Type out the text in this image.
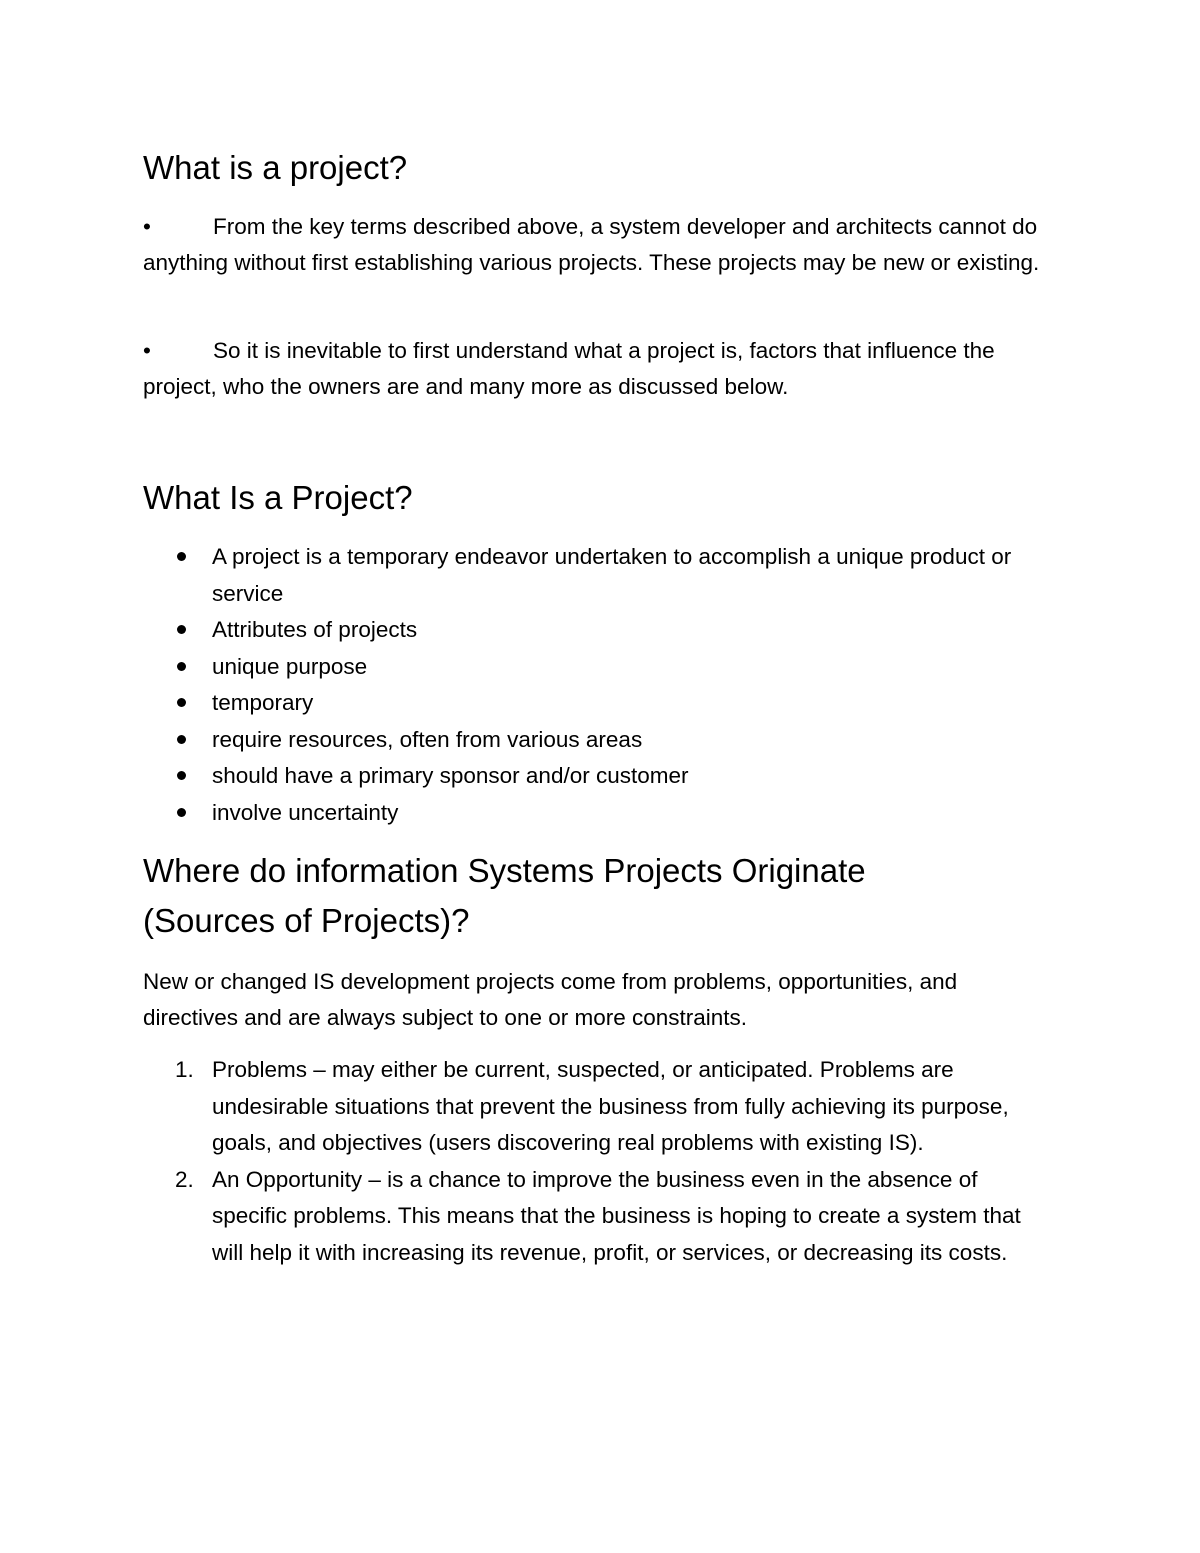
What is a project?

•	From the key terms described above, a system developer and architects cannot do anything without first establishing various projects. These projects may be new or existing.

•	So it is inevitable to first understand what a project is, factors that influence the project, who the owners are and many more as discussed below.

What Is a Project?
A project is a temporary endeavor undertaken to accomplish a unique product or service
Attributes of projects
unique purpose
temporary
require resources, often from various areas
should have a primary sponsor and/or customer
involve uncertainty
Where do information Systems Projects Originate
(Sources of Projects)?

New or changed IS development projects come from problems, opportunities, and directives and are always subject to one or more constraints.

1. Problems – may either be current, suspected, or anticipated. Problems are undesirable situations that prevent the business from fully achieving its purpose, goals, and objectives (users discovering real problems with existing IS).
2. An Opportunity – is a chance to improve the business even in the absence of specific problems. This means that the business is hoping to create a system that will help it with increasing its revenue, profit, or services, or decreasing its costs.
